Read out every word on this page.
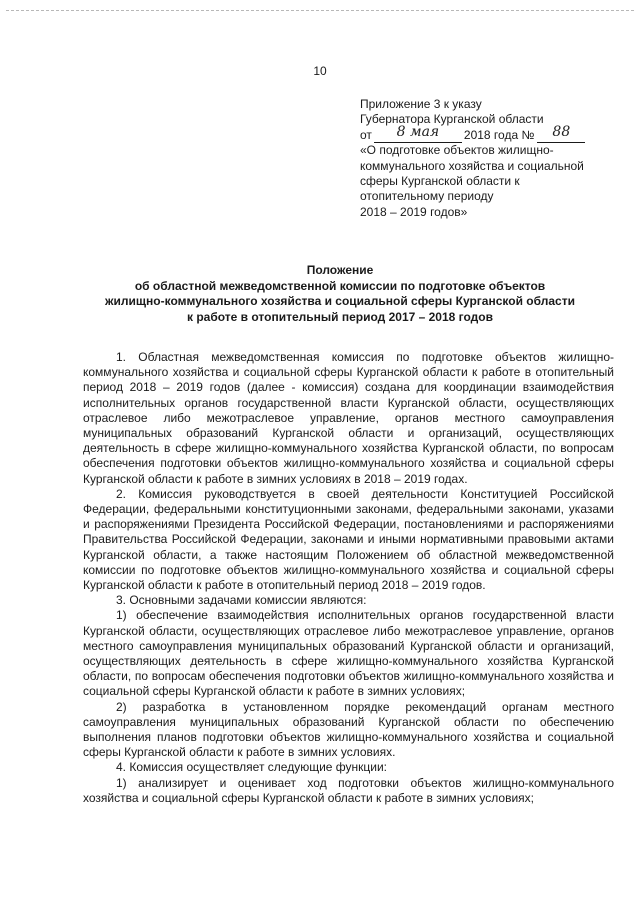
10
Приложение 3 к указу
Губернатора Курганской области
от 8 мая 2018 года № 88
«О подготовке объектов жилищно-
коммунального хозяйства и социальной
сферы Курганской области к
отопительному периоду
2018 – 2019 годов»
Положение
об областной межведомственной комиссии по подготовке объектов
жилищно-коммунального хозяйства и социальной сферы Курганской области
к работе в отопительный период 2017 – 2018 годов

1. Областная межведомственная комиссия по подготовке объектов жилищно-коммунального хозяйства и социальной сферы Курганской области к работе в отопительный период 2018 – 2019 годов (далее - комиссия) создана для координации взаимодействия исполнительных органов государственной власти Курганской области, осуществляющих отраслевое либо межотраслевое управление, органов местного самоуправления муниципальных образований Курганской области и организаций, осуществляющих деятельность в сфере жилищно-коммунального хозяйства Курганской области, по вопросам обеспечения подготовки объектов жилищно-коммунального хозяйства и социальной сферы Курганской области к работе в зимних условиях в 2018 – 2019 годах.

2. Комиссия руководствуется в своей деятельности Конституцией Российской Федерации, федеральными конституционными законами, федеральными законами, указами и распоряжениями Президента Российской Федерации, постановлениями и распоряжениями Правительства Российской Федерации, законами и иными нормативными правовыми актами Курганской области, а также настоящим Положением об областной межведомственной комиссии по подготовке объектов жилищно-коммунального хозяйства и социальной сферы Курганской области к работе в отопительный период 2018 – 2019 годов.

3. Основными задачами комиссии являются:

1) обеспечение взаимодействия исполнительных органов государственной власти Курганской области, осуществляющих отраслевое либо межотраслевое управление, органов местного самоуправления муниципальных образований Курганской области и организаций, осуществляющих деятельность в сфере жилищно-коммунального хозяйства Курганской области, по вопросам обеспечения подготовки объектов жилищно-коммунального хозяйства и социальной сферы Курганской области к работе в зимних условиях;

2) разработка в установленном порядке рекомендаций органам местного самоуправления муниципальных образований Курганской области по обеспечению выполнения планов подготовки объектов жилищно-коммунального хозяйства и социальной сферы Курганской области к работе в зимних условиях.

4. Комиссия осуществляет следующие функции:

1) анализирует и оценивает ход подготовки объектов жилищно-коммунального хозяйства и социальной сферы Курганской области к работе в зимних условиях;
